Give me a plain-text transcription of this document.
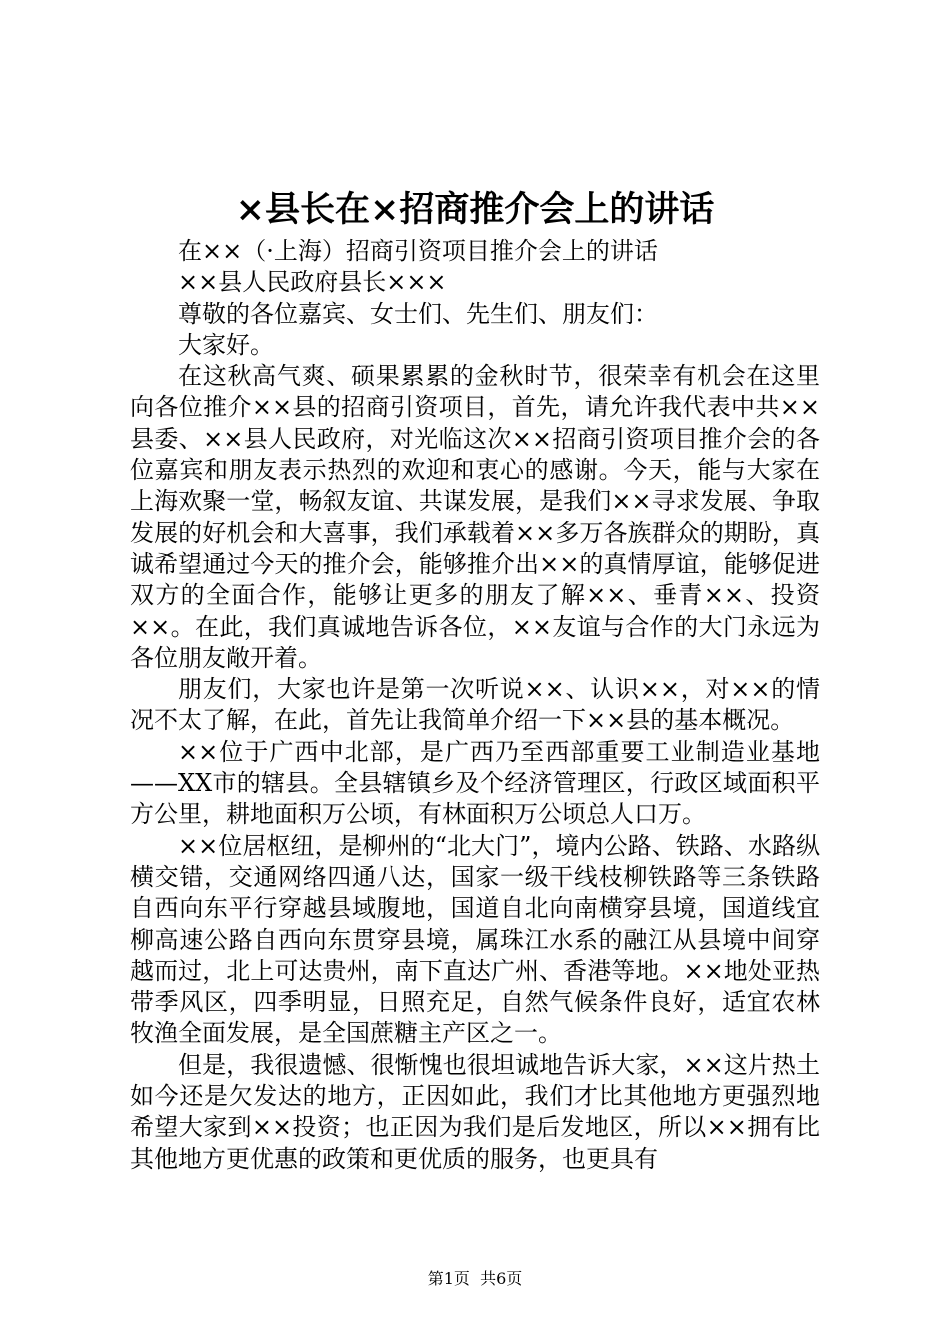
×县长在×招商推介会上的讲话

在××（·上海）招商引资项目推介会上的讲话

××县人民政府县长×××

尊敬的各位嘉宾、女士们、先生们、朋友们：

大家好。

在这秋高气爽、硕果累累的金秋时节，很荣幸有机会在这里向各位推介××县的招商引资项目，首先，请允许我代表中共××县委、××县人民政府，对光临这次××招商引资项目推介会的各位嘉宾和朋友表示热烈的欢迎和衷心的感谢。今天，能与大家在上海欢聚一堂，畅叙友谊、共谋发展，是我们××寻求发展、争取发展的好机会和大喜事，我们承载着××多万各族群众的期盼，真诚希望通过今天的推介会，能够推介出××的真情厚谊，能够促进双方的全面合作，能够让更多的朋友了解××、垂青××、投资××。在此，我们真诚地告诉各位，××友谊与合作的大门永远为各位朋友敞开着。

朋友们，大家也许是第一次听说××、认识××，对××的情况不太了解，在此，首先让我简单介绍一下××县的基本概况。

××位于广西中北部，是广西乃至西部重要工业制造业基地——XX市的辖县。全县辖镇乡及个经济管理区，行政区域面积平方公里，耕地面积万公顷，有林面积万公顷总人口万。

××位居枢纽，是柳州的“北大门”，境内公路、铁路、水路纵横交错，交通网络四通八达，国家一级干线枝柳铁路等三条铁路自西向东平行穿越县域腹地，国道自北向南横穿县境，国道线宜柳高速公路自西向东贯穿县境，属珠江水系的融江从县境中间穿越而过，北上可达贵州，南下直达广州、香港等地。××地处亚热带季风区，四季明显，日照充足，自然气候条件良好，适宜农林牧渔全面发展，是全国蔗糖主产区之一。

但是，我很遗憾、很惭愧也很坦诚地告诉大家，××这片热土如今还是欠发达的地方，正因如此，我们才比其他地方更强烈地希望大家到××投资；也正因为我们是后发地区，所以××拥有比其他地方更优惠的政策和更优质的服务，也更具有

第1页  共6页
